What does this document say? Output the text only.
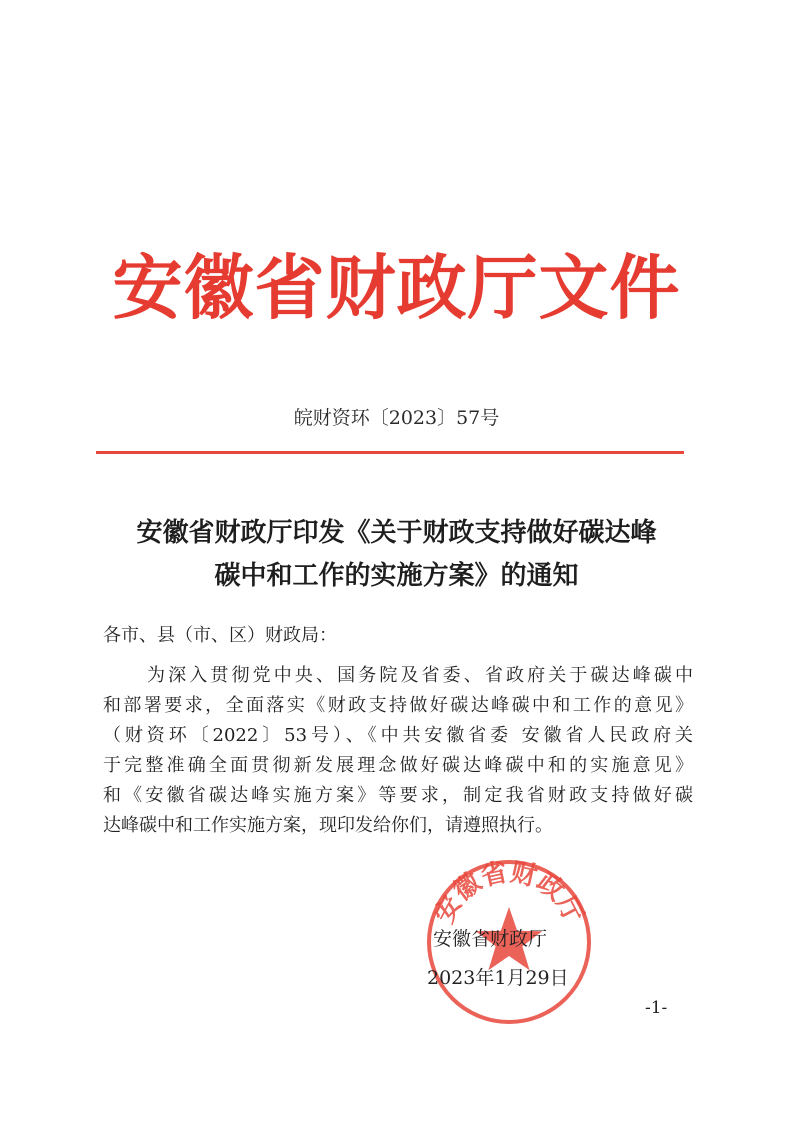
安徽省财政厅文件
皖财资环〔2023〕57号
安徽省财政厅印发《关于财政支持做好碳达峰
碳中和工作的实施方案》的通知
各市、县（市、区）财政局：
为深入贯彻党中央、国务院及省委、省政府关于碳达峰碳中
和部署要求，全面落实《财政支持做好碳达峰碳中和工作的意见》
（财资环〔2022〕53号）、《中共安徽省委 安徽省人民政府关
于完整准确全面贯彻新发展理念做好碳达峰碳中和的实施意见》
和《安徽省碳达峰实施方案》等要求，制定我省财政支持做好碳
达峰碳中和工作实施方案，现印发给你们，请遵照执行。
安徽省财政厅
安徽省财政厅
2023年1月29日
-1-
